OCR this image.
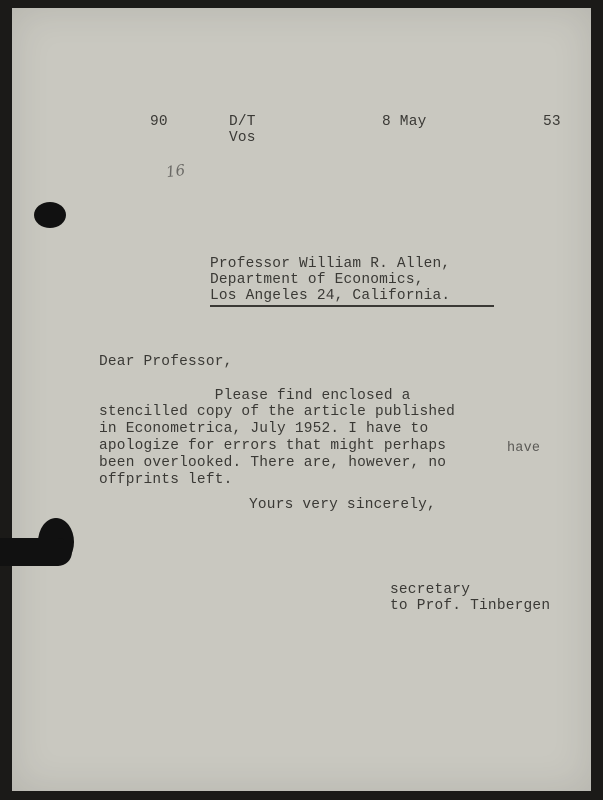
90	D/T
Vos
8 May	53
16
Professor William R. Allen,
Department of Economics,
Los Angeles 24, California.
Dear Professor,
Please find enclosed a
stencilled copy of the article published
in Econometrica, July 1952. I have to
apologize for errors that might perhaps	have
been overlooked. There are, however, no
offprints left.
Yours very sincerely,
secretary
to Prof. Tinbergen
